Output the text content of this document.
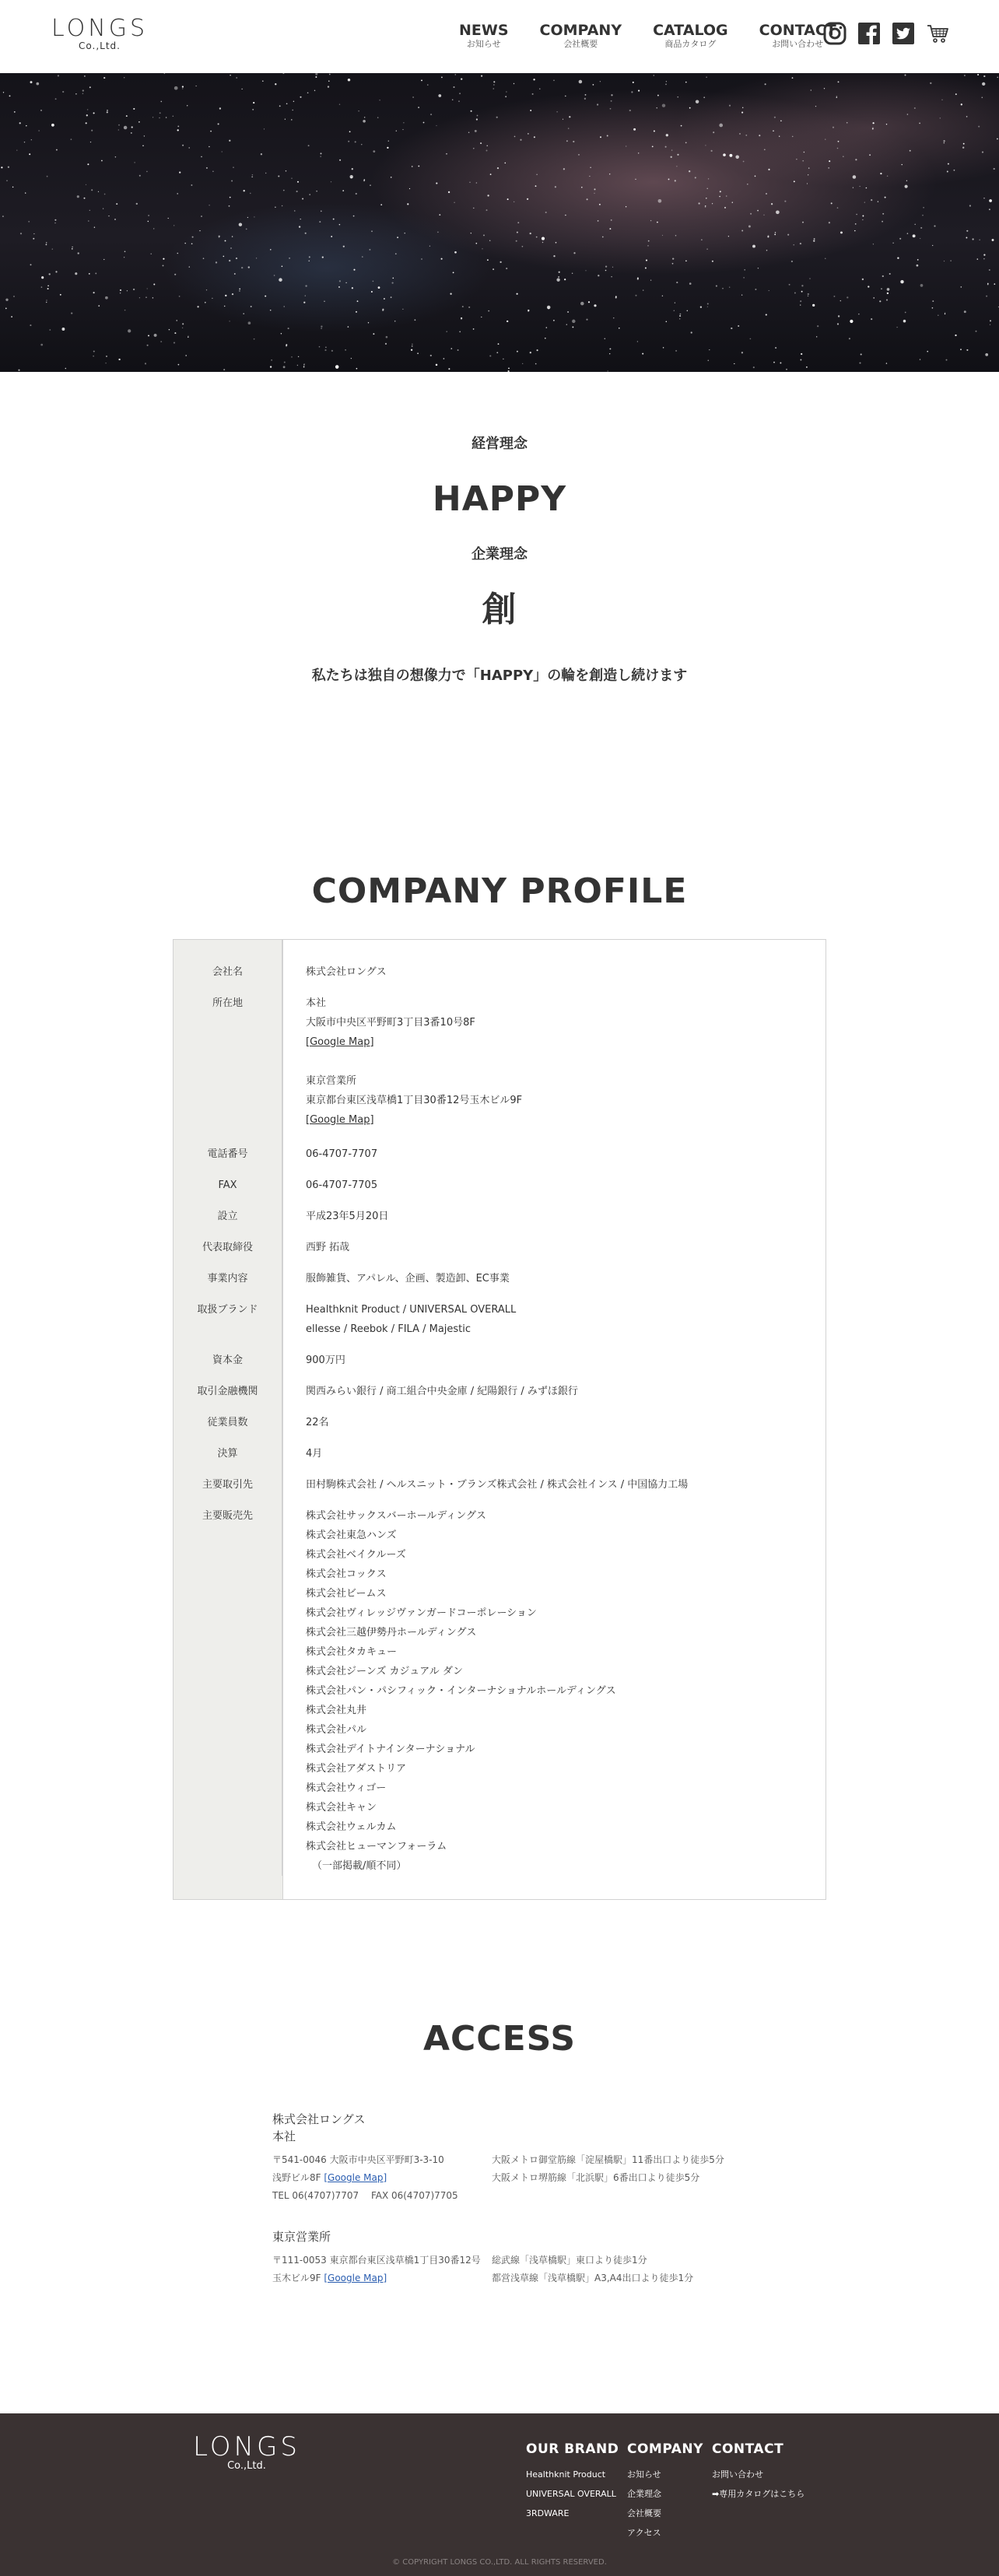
LONGS
Co.,Ltd.
NEWS
お知らせ
COMPANY
会社概要
CATALOG
商品カタログ
CONTACT
お問い合わせ
経営理念
HAPPY
企業理念
創
私たちは独自の想像力で「HAPPY」の輪を創造し続けます
COMPANY PROFILE
会社名	株式会社ロングス
所在地	本社
大阪市中央区平野町3丁目3番10号8F
[Google Map]
東京営業所
東京都台東区浅草橋1丁目30番12号玉木ビル9F
[Google Map]
電話番号	06-4707-7707
FAX	06-4707-7705
設立	平成23年5月20日
代表取締役	西野 拓哉
事業内容	服飾雑貨、アパレル、企画、製造卸、EC事業
取扱ブランド	Healthknit Product / UNIVERSAL OVERALL
ellesse / Reebok / FILA / Majestic
資本金	900万円
取引金融機関	関西みらい銀行 / 商工組合中央金庫 / 紀陽銀行 / みずほ銀行
従業員数	22名
決算	4月
主要取引先	田村駒株式会社 / ヘルスニット・ブランズ株式会社 / 株式会社インス / 中国協力工場
主要販売先	株式会社サックスバーホールディングス
株式会社東急ハンズ
株式会社ベイクルーズ
株式会社コックス
株式会社ビームス
株式会社ヴィレッジヴァンガードコーポレーション
株式会社三越伊勢丹ホールディングス
株式会社タカキュー
株式会社ジーンズ カジュアル ダン
株式会社パン・パシフィック・インターナショナルホールディングス
株式会社丸井
株式会社パル
株式会社デイトナインターナショナル
株式会社アダストリア
株式会社ウィゴー
株式会社キャン
株式会社ウェルカム
株式会社ヒューマンフォーラム
（一部掲載/順不同）
ACCESS
株式会社ロングス
本社
〒541-0046 大阪市中央区平野町3-3-10
浅野ビル8F [Google Map]
TEL 06(4707)7707　 FAX 06(4707)7705
大阪メトロ御堂筋線「淀屋橋駅」11番出口より徒歩5分
大阪メトロ堺筋線「北浜駅」6番出口より徒歩5分
東京営業所
〒111-0053 東京都台東区浅草橋1丁目30番12号
玉木ビル9F [Google Map]
総武線「浅草橋駅」東口より徒歩1分
都営浅草線「浅草橋駅」A3,A4出口より徒歩1分
LONGS
Co.,Ltd.
OUR BRAND
Healthknit Product
UNIVERSAL OVERALL
3RDWARE
COMPANY
お知らせ
企業理念
会社概要
アクセス
CONTACT
お問い合わせ
➡専用カタログはこちら
© COPYRIGHT LONGS CO.,LTD. ALL RIGHTS RESERVED.
